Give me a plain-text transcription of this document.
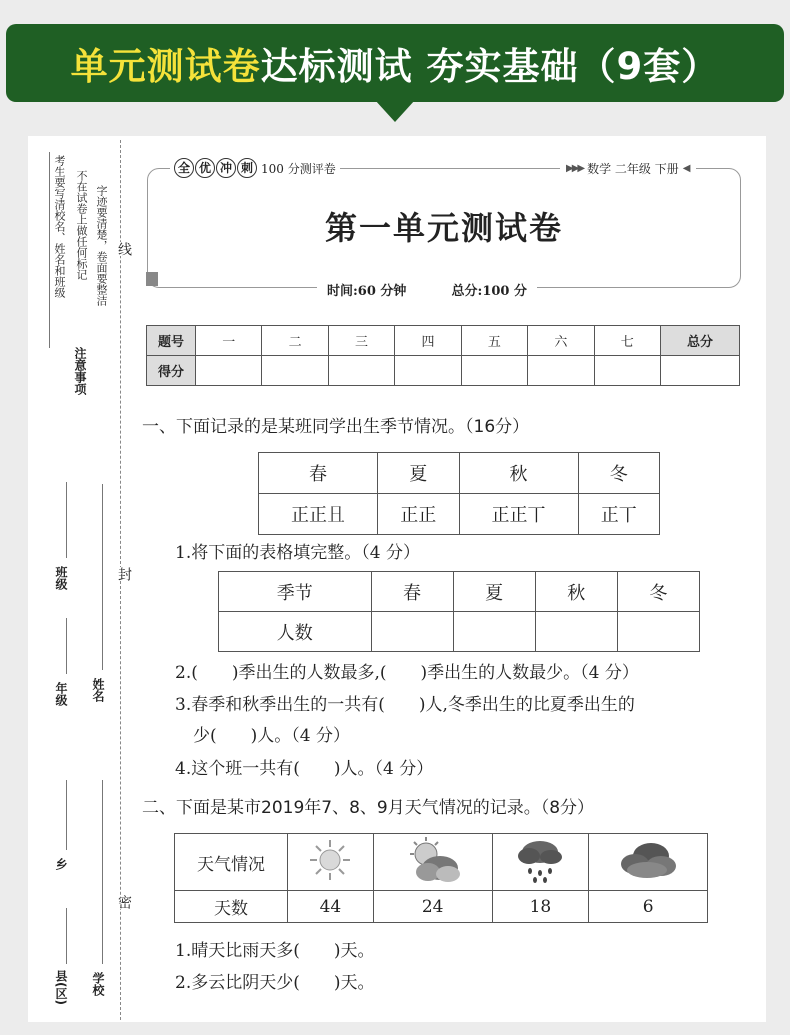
单元测试卷达标测试 夯实基础（9套）
考生要写清校名、姓名和班级 不在试卷上做任何标记 字迹要清楚，卷面要整洁
注意事项
线
封
密
年级
班级
乡
县(区)
姓名
学校
全 优 冲 刺 100 分测评卷	▶▶▶ 数学 二年级 下册 ◀
第一单元测试卷
时间:60 分钟	总分:100 分
题号	一	二	三	四	五	六	七	总分
得分								
一、下面记录的是某班同学出生季节情况。（16分）
春	夏	秋	冬
正正𠀇	正正	正正丅	正丅
1.将下面的表格填完整。（4 分）
季节	春	夏	秋	冬
人数				
2.(　　)季出生的人数最多,(　　)季出生的人数最少。（4 分）
3.春季和秋季出生的一共有(　　)人,冬季出生的比夏季出生的
少(　　)人。（4 分）
4.这个班一共有(　　)人。（4 分）
二、下面是某市2019年7、8、9月天气情况的记录。（8分）
天气情况				
天数	44	24	18	6
1.晴天比雨天多(　　)天。
2.多云比阴天少(　　)天。
